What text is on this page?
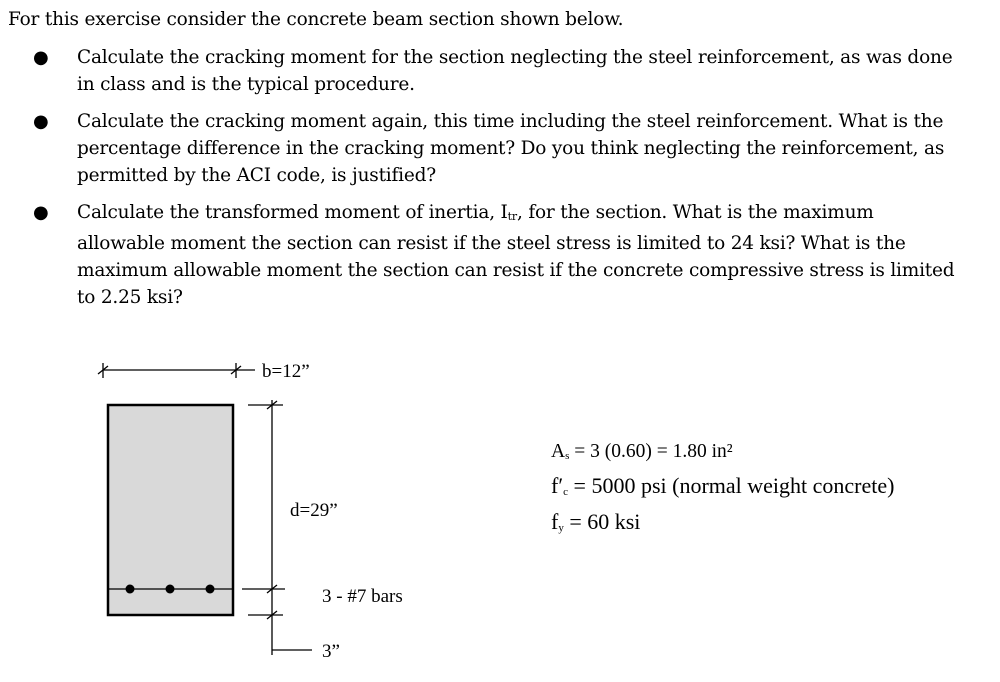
For this exercise consider the concrete beam section shown below.
● Calculate the cracking moment for the section neglecting the steel reinforcement, as was done in class and is the typical procedure.
● Calculate the cracking moment again, this time including the steel reinforcement. What is the percentage difference in the cracking moment? Do you think neglecting the reinforcement, as permitted by the ACI code, is justified?
● Calculate the transformed moment of inertia, Itr, for the section. What is the maximum allowable moment the section can resist if the steel stress is limited to 24 ksi? What is the maximum allowable moment the section can resist if the concrete compressive stress is limited to 2.25 ksi?
b=12”
d=29”
3 - #7 bars
3”
As = 3 (0.60) = 1.80 in²
f′c = 5000 psi (normal weight concrete)
fy = 60 ksi
